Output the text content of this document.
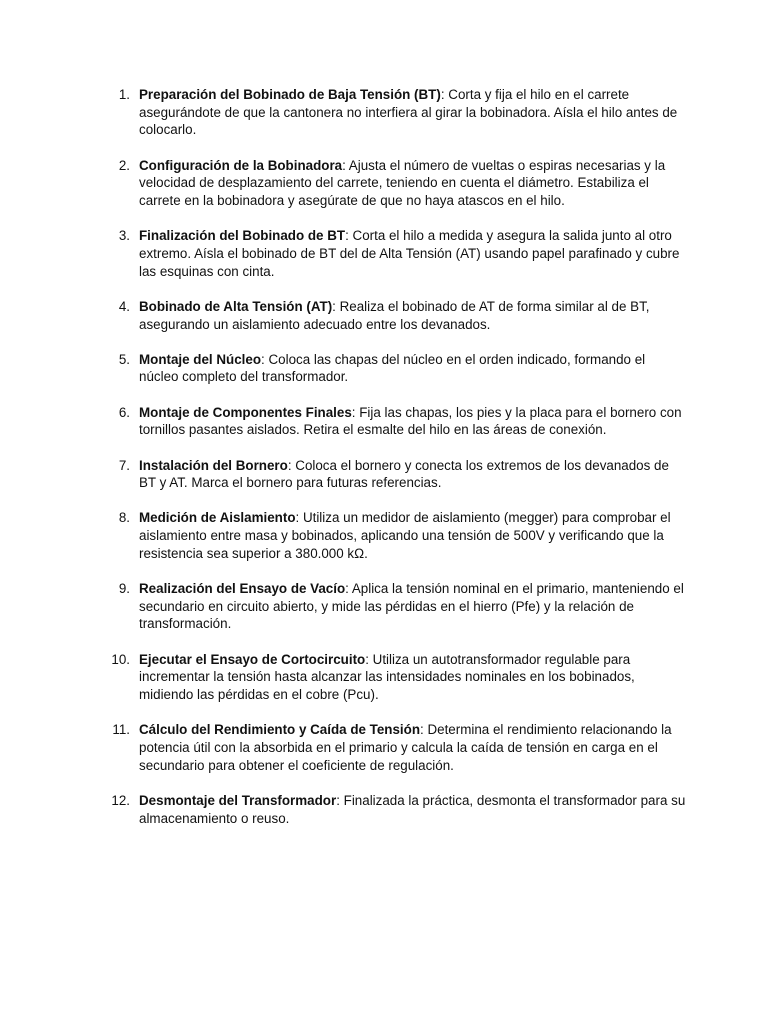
1. Preparación del Bobinado de Baja Tensión (BT): Corta y fija el hilo en el carrete asegurándote de que la cantonera no interfiera al girar la bobinadora. Aísla el hilo antes de colocarlo.
2. Configuración de la Bobinadora: Ajusta el número de vueltas o espiras necesarias y la velocidad de desplazamiento del carrete, teniendo en cuenta el diámetro. Estabiliza el carrete en la bobinadora y asegúrate de que no haya atascos en el hilo.
3. Finalización del Bobinado de BT: Corta el hilo a medida y asegura la salida junto al otro extremo. Aísla el bobinado de BT del de Alta Tensión (AT) usando papel parafinado y cubre las esquinas con cinta.
4. Bobinado de Alta Tensión (AT): Realiza el bobinado de AT de forma similar al de BT, asegurando un aislamiento adecuado entre los devanados.
5. Montaje del Núcleo: Coloca las chapas del núcleo en el orden indicado, formando el núcleo completo del transformador.
6. Montaje de Componentes Finales: Fija las chapas, los pies y la placa para el bornero con tornillos pasantes aislados. Retira el esmalte del hilo en las áreas de conexión.
7. Instalación del Bornero: Coloca el bornero y conecta los extremos de los devanados de BT y AT. Marca el bornero para futuras referencias.
8. Medición de Aislamiento: Utiliza un medidor de aislamiento (megger) para comprobar el aislamiento entre masa y bobinados, aplicando una tensión de 500V y verificando que la resistencia sea superior a 380.000 kΩ.
9. Realización del Ensayo de Vacío: Aplica la tensión nominal en el primario, manteniendo el secundario en circuito abierto, y mide las pérdidas en el hierro (Pfe) y la relación de transformación.
10. Ejecutar el Ensayo de Cortocircuito: Utiliza un autotransformador regulable para incrementar la tensión hasta alcanzar las intensidades nominales en los bobinados, midiendo las pérdidas en el cobre (Pcu).
11. Cálculo del Rendimiento y Caída de Tensión: Determina el rendimiento relacionando la potencia útil con la absorbida en el primario y calcula la caída de tensión en carga en el secundario para obtener el coeficiente de regulación.
12. Desmontaje del Transformador: Finalizada la práctica, desmonta el transformador para su almacenamiento o reuso.
